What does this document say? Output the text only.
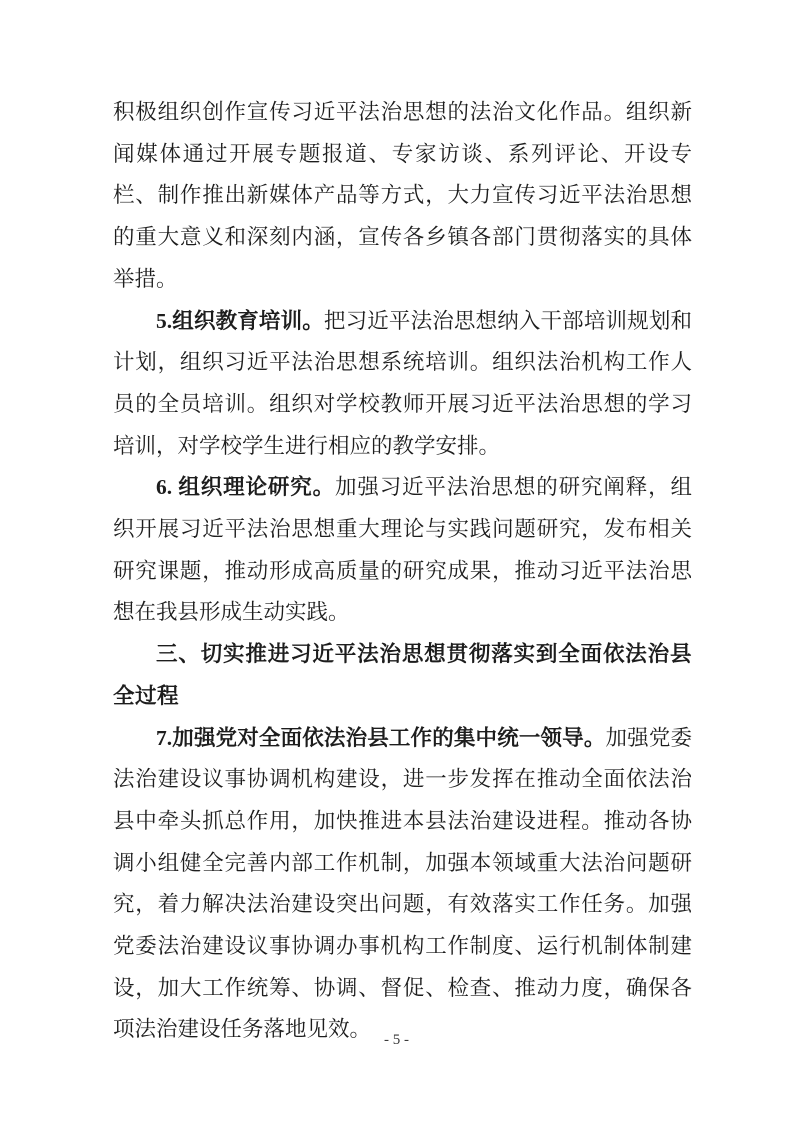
积极组织创作宣传习近平法治思想的法治文化作品。组织新闻媒体通过开展专题报道、专家访谈、系列评论、开设专栏、制作推出新媒体产品等方式，大力宣传习近平法治思想的重大意义和深刻内涵，宣传各乡镇各部门贯彻落实的具体举措。

5.组织教育培训。把习近平法治思想纳入干部培训规划和计划，组织习近平法治思想系统培训。组织法治机构工作人员的全员培训。组织对学校教师开展习近平法治思想的学习培训，对学校学生进行相应的教学安排。

6. 组织理论研究。加强习近平法治思想的研究阐释，组织开展习近平法治思想重大理论与实践问题研究，发布相关研究课题，推动形成高质量的研究成果，推动习近平法治思想在我县形成生动实践。

三、切实推进习近平法治思想贯彻落实到全面依法治县全过程

7.加强党对全面依法治县工作的集中统一领导。加强党委法治建设议事协调机构建设，进一步发挥在推动全面依法治县中牵头抓总作用，加快推进本县法治建设进程。推动各协调小组健全完善内部工作机制，加强本领域重大法治问题研究，着力解决法治建设突出问题，有效落实工作任务。加强党委法治建设议事协调办事机构工作制度、运行机制体制建设，加大工作统筹、协调、督促、检查、推动力度，确保各项法治建设任务落地见效。 - 5 -
